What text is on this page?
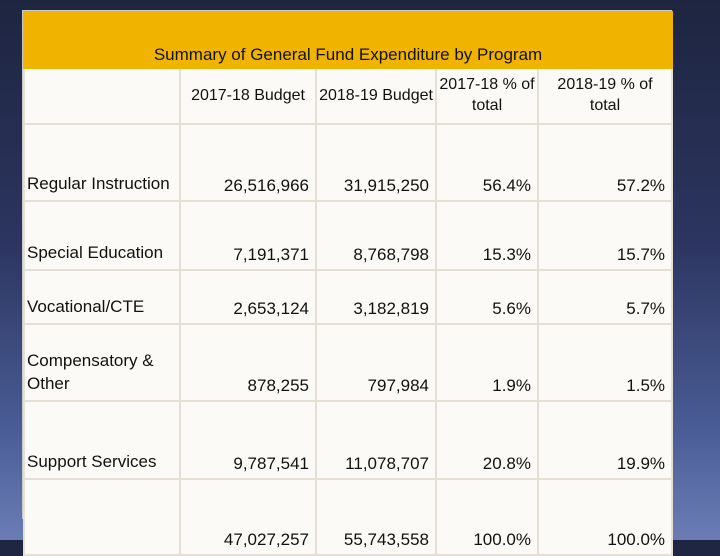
Summary of General Fund Expenditure by Program				
	2017-18 Budget	2018-19 Budget	2017-18 % of total	2018-19 % of total
Regular Instruction	26,516,966	31,915,250	56.4%	57.2%
Special Education	7,191,371	8,768,798	15.3%	15.7%
Vocational/CTE	2,653,124	3,182,819	5.6%	5.7%
Compensatory & Other	878,255	797,984	1.9%	1.5%
Support Services	9,787,541	11,078,707	20.8%	19.9%
	47,027,257	55,743,558	100.0%	100.0%
